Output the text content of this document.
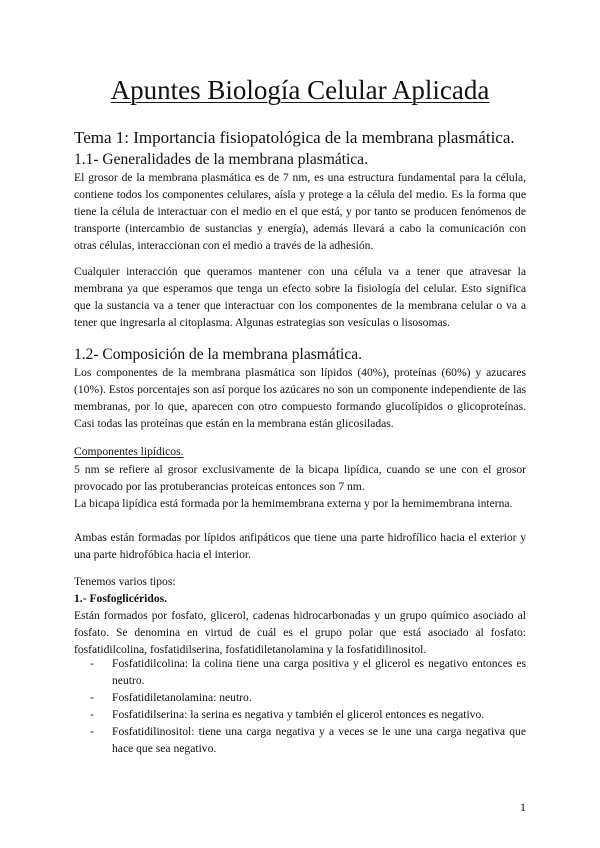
Apuntes Biología Celular Aplicada
Tema 1: Importancia fisiopatológica de la membrana plasmática.
1.1- Generalidades de la membrana plasmática.

El grosor de la membrana plasmática es de 7 nm, es una estructura fundamental para la célula, contiene todos los componentes celulares, aísla y protege a la célula del medio. Es la forma que tiene la célula de interactuar con el medio en el que está, y por tanto se producen fenómenos de transporte (intercambio de sustancias y energía), además llevará a cabo la comunicación con otras células, interaccionan con el medio a través de la adhesión.

Cualquier interacción que queramos mantener con una célula va a tener que atravesar la membrana ya que esperamos que tenga un efecto sobre la fisiología del celular. Esto significa que la sustancia va a tener que interactuar con los componentes de la membrana celular o va a tener que ingresarla al citoplasma. Algunas estrategias son vesículas o lisosomas.

1.2- Composición de la membrana plasmática.

Los componentes de la membrana plasmática son lípidos (40%), proteínas (60%) y azucares (10%). Estos porcentajes son así porque los azúcares no son un componente independiente de las membranas, por lo que, aparecen con otro compuesto formando glucolípidos o glicoproteínas. Casi todas las proteínas que están en la membrana están glicosiladas.

Componentes lipídicos.

5 nm se refiere al grosor exclusivamente de la bicapa lipídica, cuando se une con el grosor provocado por las protuberancias proteicas entonces son 7 nm.

La bicapa lipídica está formada por la hemimembrana externa y por la hemimembrana interna.

Ambas están formadas por lípidos anfipáticos que tiene una parte hidrofílico hacia el exterior y una parte hidrofóbica hacia el interior.

Tenemos varios tipos:
1.- Fosfoglicéridos.

Están formados por fosfato, glicerol, cadenas hidrocarbonadas y un grupo químico asociado al fosfato. Se denomina en virtud de cuál es el grupo polar que está asociado al fosfato: fosfatidilcolina, fosfatidilserina, fosfatidiletanolamina y la fosfatidilinositol.

- Fosfatidilcolina: la colina tiene una carga positiva y el glicerol es negativo entonces es neutro.
- Fosfatidiletanolamina: neutro.
- Fosfatidilserina: la serina es negativa y también el glicerol entonces es negativo.
- Fosfatidilinositol: tiene una carga negativa y a veces se le une una carga negativa que hace que sea negativo.
1
